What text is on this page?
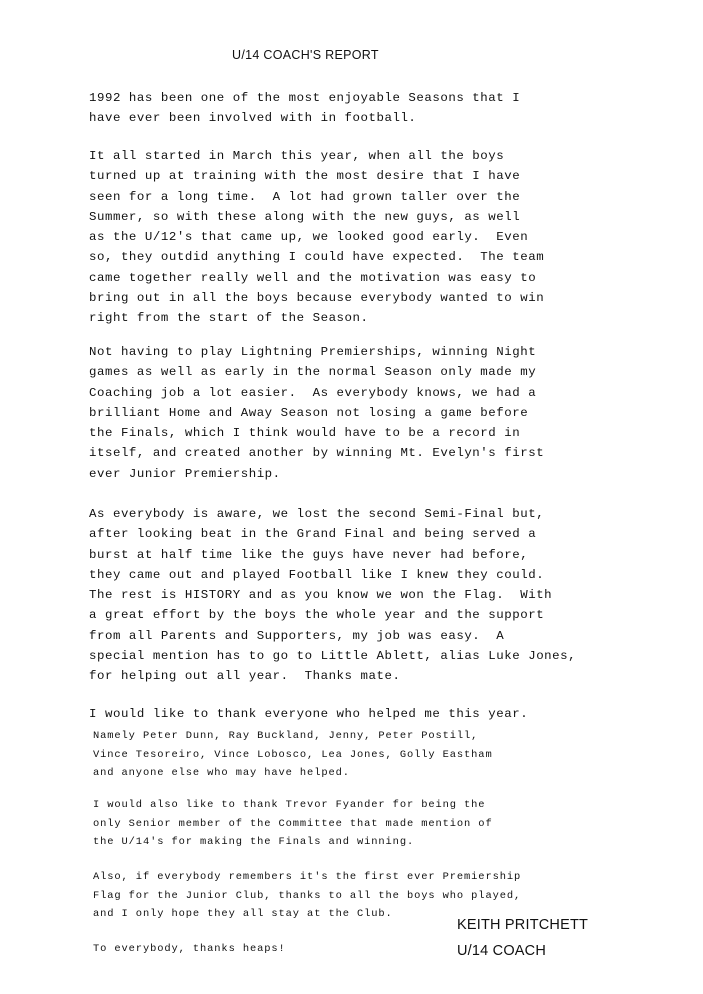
U/14 COACH'S REPORT

1992 has been one of the most enjoyable Seasons that I
have ever been involved with in football.

It all started in March this year, when all the boys
turned up at training with the most desire that I have
seen for a long time.  A lot had grown taller over the
Summer, so with these along with the new guys, as well
as the U/12's that came up, we looked good early.  Even
so, they outdid anything I could have expected.  The team
came together really well and the motivation was easy to
bring out in all the boys because everybody wanted to win
right from the start of the Season.

Not having to play Lightning Premierships, winning Night
games as well as early in the normal Season only made my
Coaching job a lot easier.  As everybody knows, we had a
brilliant Home and Away Season not losing a game before
the Finals, which I think would have to be a record in
itself, and created another by winning Mt. Evelyn's first
ever Junior Premiership.

As everybody is aware, we lost the second Semi-Final but,
after looking beat in the Grand Final and being served a
burst at half time like the guys have never had before,
they came out and played Football like I knew they could.
The rest is HISTORY and as you know we won the Flag.  With
a great effort by the boys the whole year and the support
from all Parents and Supporters, my job was easy.  A
special mention has to go to Little Ablett, alias Luke Jones,
for helping out all year.  Thanks mate.

I would like to thank everyone who helped me this year.

Namely Peter Dunn, Ray Buckland, Jenny, Peter Postill,
Vince Tesoreiro, Vince Lobosco, Lea Jones, Golly Eastham
and anyone else who may have helped.

I would also like to thank Trevor Fyander for being the
only Senior member of the Committee that made mention of
the U/14's for making the Finals and winning.

Also, if everybody remembers it's the first ever Premiership
Flag for the Junior Club, thanks to all the boys who played,
and I only hope they all stay at the Club.

To everybody, thanks heaps!

KEITH PRITCHETT
U/14 COACH
